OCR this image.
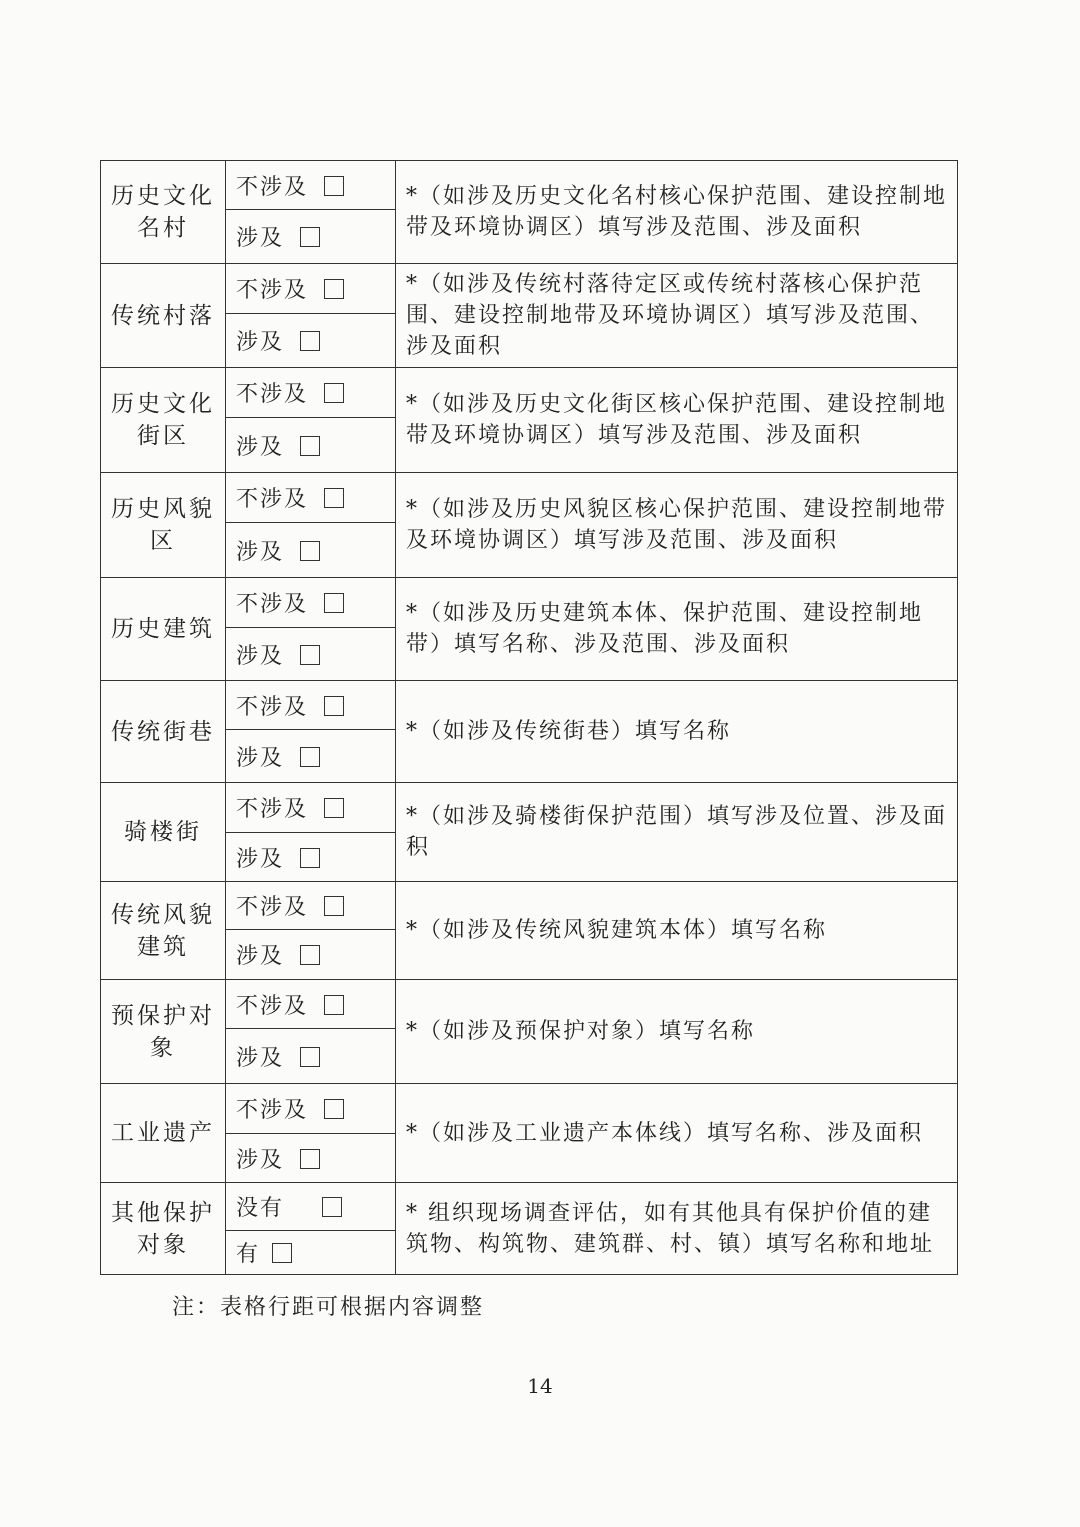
历史文化名村	不涉及	*（如涉及历史文化名村核心保护范围、建设控制地带及环境协调区）填写涉及范围、涉及面积
	涉及	
传统村落	不涉及	*（如涉及传统村落待定区或传统村落核心保护范围、建设控制地带及环境协调区）填写涉及范围、涉及面积
	涉及	
历史文化街区	不涉及	*（如涉及历史文化街区核心保护范围、建设控制地带及环境协调区）填写涉及范围、涉及面积
	涉及	
历史风貌区	不涉及	*（如涉及历史风貌区核心保护范围、建设控制地带及环境协调区）填写涉及范围、涉及面积
	涉及	
历史建筑	不涉及	*（如涉及历史建筑本体、保护范围、建设控制地带）填写名称、涉及范围、涉及面积
	涉及	
传统街巷	不涉及	*（如涉及传统街巷）填写名称
	涉及	
骑楼街	不涉及	*（如涉及骑楼街保护范围）填写涉及位置、涉及面积
	涉及	
传统风貌建筑	不涉及	*（如涉及传统风貌建筑本体）填写名称
	涉及	
预保护对象	不涉及	*（如涉及预保护对象）填写名称
	涉及	
工业遗产	不涉及	*（如涉及工业遗产本体线）填写名称、涉及面积
	涉及	
其他保护对象	没有	* 组织现场调查评估，如有其他具有保护价值的建筑物、构筑物、建筑群、村、镇）填写名称和地址
	有	
注：表格行距可根据内容调整
14
